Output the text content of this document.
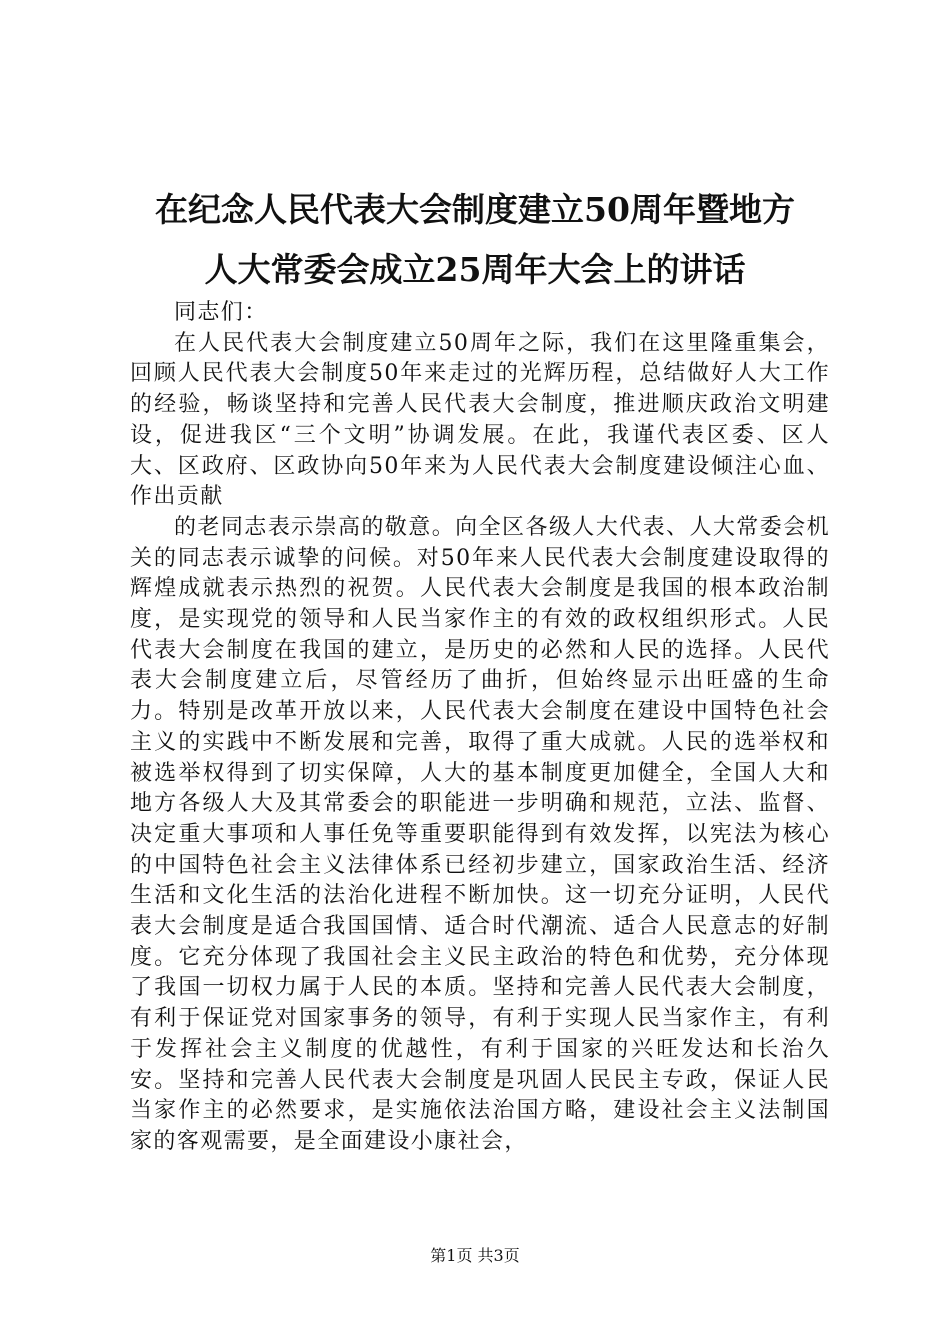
在纪念人民代表大会制度建立50周年暨地方
人大常委会成立25周年大会上的讲话

同志们：

在人民代表大会制度建立50周年之际，我们在这里隆重集会，回顾人民代表大会制度50年来走过的光辉历程，总结做好人大工作的经验，畅谈坚持和完善人民代表大会制度，推进顺庆政治文明建设，促进我区“三个文明”协调发展。在此，我谨代表区委、区人大、区政府、区政协向50年来为人民代表大会制度建设倾注心血、作出贡献

的老同志表示崇高的敬意。向全区各级人大代表、人大常委会机关的同志表示诚挚的问候。对50年来人民代表大会制度建设取得的辉煌成就表示热烈的祝贺。人民代表大会制度是我国的根本政治制度，是实现党的领导和人民当家作主的有效的政权组织形式。人民代表大会制度在我国的建立，是历史的必然和人民的选择。人民代表大会制度建立后，尽管经历了曲折，但始终显示出旺盛的生命力。特别是改革开放以来，人民代表大会制度在建设中国特色社会主义的实践中不断发展和完善，取得了重大成就。人民的选举权和被选举权得到了切实保障，人大的基本制度更加健全，全国人大和地方各级人大及其常委会的职能进一步明确和规范，立法、监督、决定重大事项和人事任免等重要职能得到有效发挥，以宪法为核心的中国特色社会主义法律体系已经初步建立，国家政治生活、经济生活和文化生活的法治化进程不断加快。这一切充分证明，人民代表大会制度是适合我国国情、适合时代潮流、适合人民意志的好制度。它充分体现了我国社会主义民主政治的特色和优势，充分体现了我国一切权力属于人民的本质。坚持和完善人民代表大会制度，有利于保证党对国家事务的领导，有利于实现人民当家作主，有利于发挥社会主义制度的优越性，有利于国家的兴旺发达和长治久安。坚持和完善人民代表大会制度是巩固人民民主专政，保证人民当家作主的必然要求，是实施依法治国方略，建设社会主义法制国家的客观需要，是全面建设小康社会，

第1页 共3页
